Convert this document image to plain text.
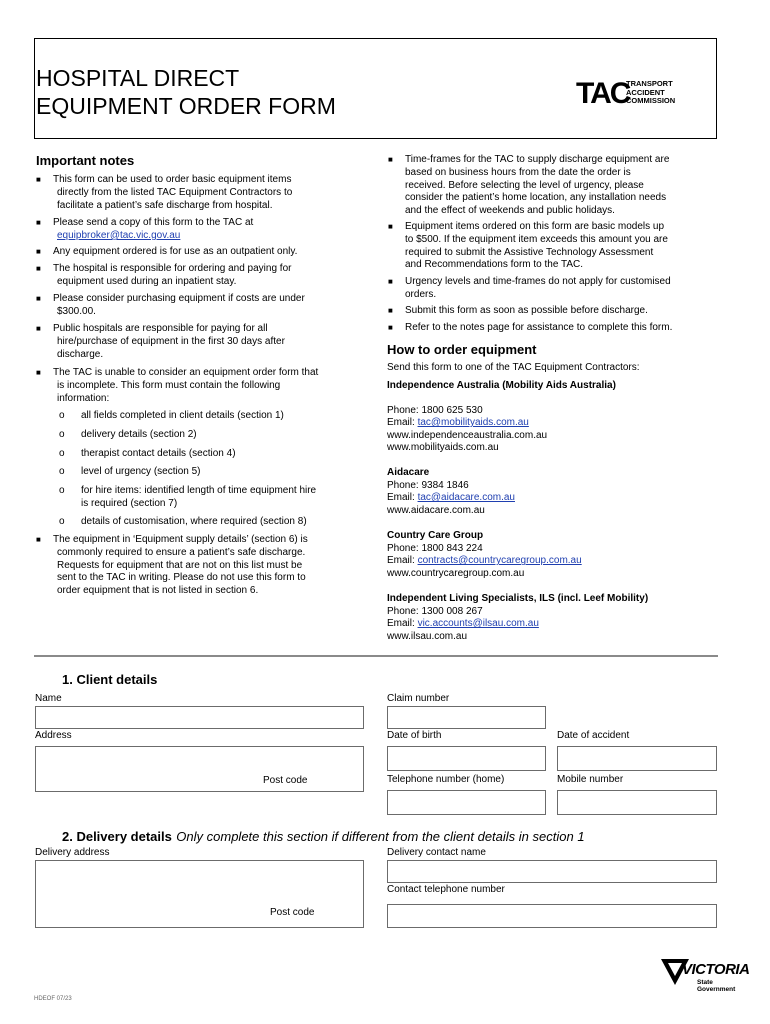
HOSPITAL DIRECT
EQUIPMENT ORDER FORM	TAC
TRANSPORT
ACCIDENT
COMMISSION
Important notes
■ This form can be used to order basic equipment items
directly from the listed TAC Equipment Contractors to
facilitate a patient’s safe discharge from hospital.
■ Please send a copy of this form to the TAC at
equipbroker@tac.vic.gov.au
■ Any equipment ordered is for use as an outpatient only.
■ The hospital is responsible for ordering and paying for
equipment used during an inpatient stay.
■ Please consider purchasing equipment if costs are under
$300.00.
■ Public hospitals are responsible for paying for all
hire/purchase of equipment in the first 30 days after
discharge.
■ The TAC is unable to consider an equipment order form that
is incomplete. This form must contain the following
information:
o all fields completed in client details (section 1)
o delivery details (section 2)
o therapist contact details (section 4)
o level of urgency (section 5)
o for hire items: identified length of time equipment hire
is required (section 7)
o details of customisation, where required (section 8)
■ The equipment in ‘Equipment supply details’ (section 6) is
commonly required to ensure a patient’s safe discharge.
Requests for equipment that are not on this list must be
sent to the TAC in writing. Please do not use this form to
order equipment that is not listed in section 6.
■ Time-frames for the TAC to supply discharge equipment are
based on business hours from the date the order is
received. Before selecting the level of urgency, please
consider the patient’s home location, any installation needs
and the effect of weekends and public holidays.
■ Equipment items ordered on this form are basic models up
to $500. If the equipment item exceeds this amount you are
required to submit the Assistive Technology Assessment
and Recommendations form to the TAC.
■ Urgency levels and time-frames do not apply for customised
orders.
■ Submit this form as soon as possible before discharge.
■ Refer to the notes page for assistance to complete this form.
How to order equipment
Send this form to one of the TAC Equipment Contractors:
Independence Australia (Mobility Aids Australia)
Phone: 1800 625 530
Email: tac@mobilityaids.com.au
www.independenceaustralia.com.au
www.mobilityaids.com.au
Aidacare
Phone: 9384 1846
Email: tac@aidacare.com.au
www.aidacare.com.au
Country Care Group
Phone: 1800 843 224
Email: contracts@countrycaregroup.com.au
www.countrycaregroup.com.au
Independent Living Specialists, ILS (incl. Leef Mobility)
Phone: 1300 008 267
Email: vic.accounts@ilsau.com.au
www.ilsau.com.au
1. Client details
Name	Claim number
Address
Post code
Date of birth	Date of accident
Telephone number (home)	Mobile number
2. Delivery details Only complete this section if different from the client details in section 1
Delivery address
Post code
Delivery contact name
Contact telephone number
HDEOF 07/23
VICTORIA
State
Government
